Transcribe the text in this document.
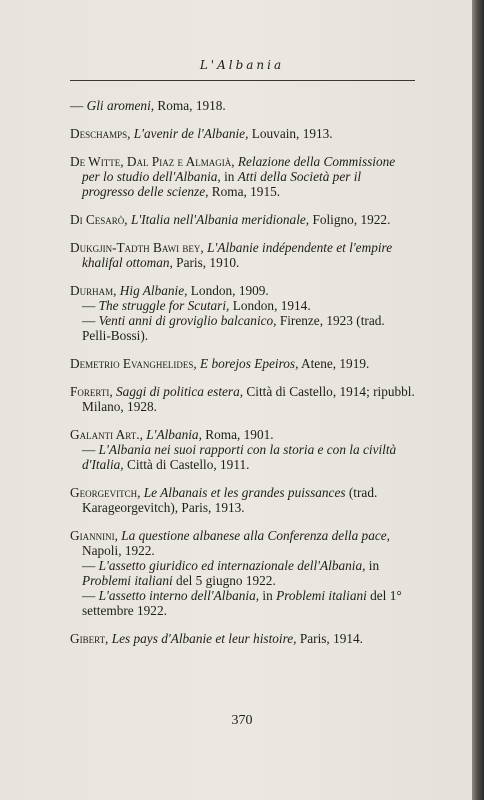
L'Albania

— Gli aromeni, Roma, 1918.

Deschamps, L'avenir de l'Albanie, Louvain, 1913.

De Witte, Dal Piaz e Almagià, Relazione della Commissione per lo studio dell'Albania, in Atti della Società per il progresso delle scienze, Roma, 1915.

Di Cesarò, L'Italia nell'Albania meridionale, Foligno, 1922.

Dukgjin-Tadth Bawi bey, L'Albanie indépendente et l'empire khalifal ottoman, Paris, 1910.

Durham, Hig Albanie, London, 1909.
— The struggle for Scutari, London, 1914.
— Venti anni di groviglio balcanico, Firenze, 1923 (trad. Pelli-Bossi).

Demetrio Evanghelides, E borejos Epeiros, Atene, 1919.

Forerti, Saggi di politica estera, Città di Castello, 1914; ripubbl. Milano, 1928.

Galanti Art., L'Albania, Roma, 1901.
— L'Albania nei suoi rapporti con la storia e con la civiltà d'Italia, Città di Castello, 1911.

Georgevitch, Le Albanais et les grandes puissances (trad. Karageorgevitch), Paris, 1913.

Giannini, La questione albanese alla Conferenza della pace, Napoli, 1922.
— L'assetto giuridico ed internazionale dell'Albania, in Problemi italiani del 5 giugno 1922.
— L'assetto interno dell'Albania, in Problemi italiani del 1° settembre 1922.

Gibert, Les pays d'Albanie et leur histoire, Paris, 1914.

370
